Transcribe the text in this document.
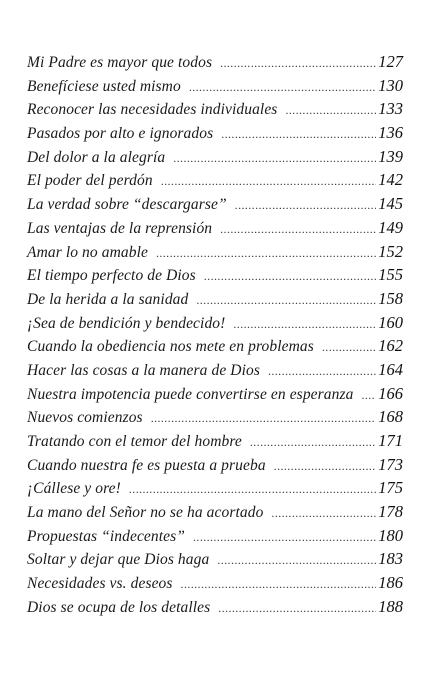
Mi Padre es mayor que todos .....	127
Benefíciese usted mismo .....	130
Reconocer las necesidades individuales .....	133
Pasados por alto e ignorados .....	136
Del dolor a la alegría .....	139
El poder del perdón .....	142
La verdad sobre “descargarse” .....	145
Las ventajas de la reprensión .....	149
Amar lo no amable .....	152
El tiempo perfecto de Dios .....	155
De la herida a la sanidad .....	158
¡Sea de bendición y bendecido! .....	160
Cuando la obediencia nos mete en problemas .....	162
Hacer las cosas a la manera de Dios .....	164
Nuestra impotencia puede convertirse en esperanza ..... 166
Nuevos comienzos .....	168
Tratando con el temor del hombre .....	171
Cuando nuestra fe es puesta a prueba .....	173
¡Cállese y ore! .....	175
La mano del Señor no se ha acortado .....	178
Propuestas “indecentes” .....	180
Soltar y dejar que Dios haga .....	183
Necesidades vs. deseos .....	186
Dios se ocupa de los detalles .....	188
